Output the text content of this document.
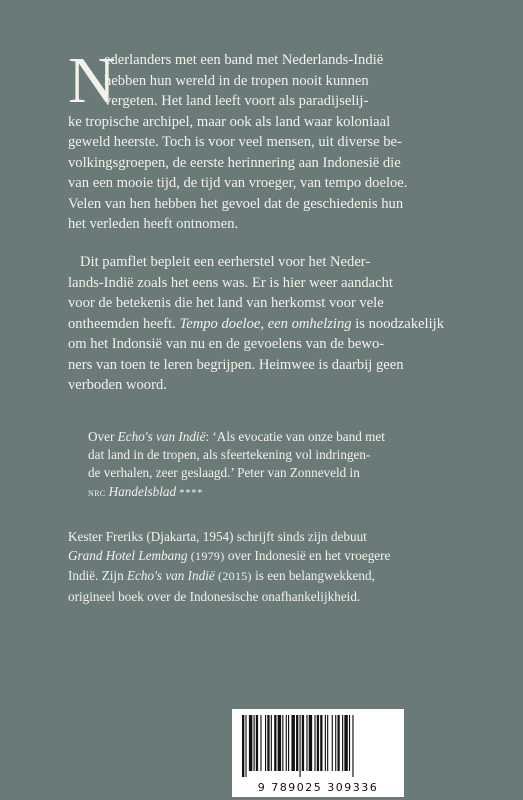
N
ederlanders met een band met Nederlands-Indië
hebben hun wereld in de tropen nooit kunnen
vergeten. Het land leeft voort als paradijselij-
ke tropische archipel, maar ook als land waar koloniaal
geweld heerste. Toch is voor veel mensen, uit diverse be-
volkingsgroepen, de eerste herinnering aan Indonesië die
van een mooie tijd, de tijd van vroeger, van tempo doeloe.
Velen van hen hebben het gevoel dat de geschiedenis hun
het verleden heeft ontnomen.
Dit pamflet bepleit een eerherstel voor het Neder-
lands-Indië zoals het eens was. Er is hier weer aandacht
voor de betekenis die het land van herkomst voor vele
ontheemden heeft. Tempo doeloe, een omhelzing is noodzakelijk
om het Indonsië van nu en de gevoelens van de bewo-
ners van toen te leren begrijpen. Heimwee is daarbij geen
verboden woord.
Over Echo's van Indië: ‘Als evocatie van onze band met
dat land in de tropen, als sfeertekening vol indringen-
de verhalen, zeer geslaagd.’ Peter van Zonneveld in
nrc Handelsblad ****
Kester Freriks (Djakarta, 1954) schrijft sinds zijn debuut
Grand Hotel Lembang (1979) over Indonesië en het vroegere
Indië. Zijn Echo's van Indië (2015) is een belangwekkend,
origineel boek over de Indonesische onafhankelijkheid.
9 789025 309336
